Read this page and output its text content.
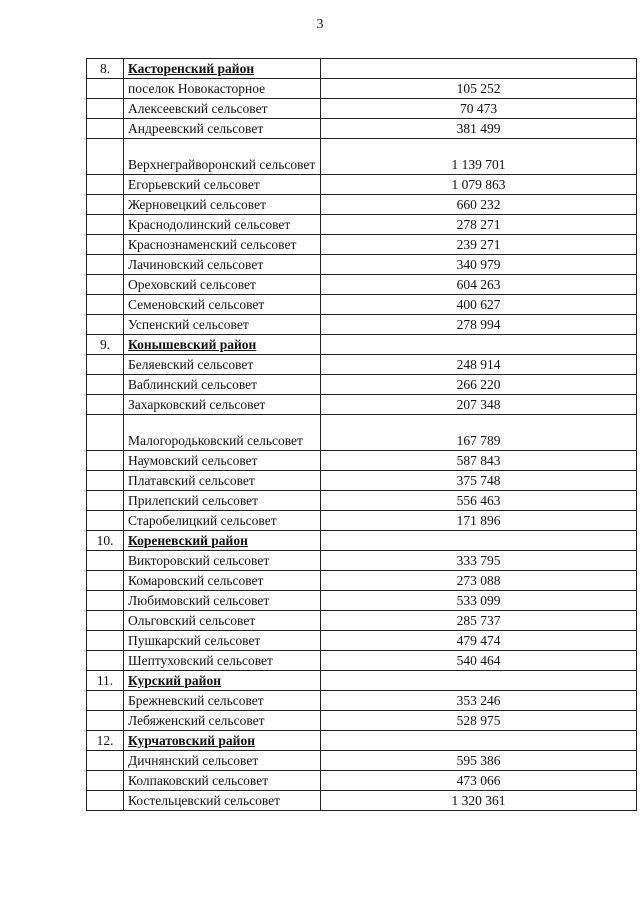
3
8.	Касторенский район	
	поселок Новокасторное	105 252
	Алексеевский сельсовет	70 473
	Андреевский сельсовет	381 499
	Верхнеграйворонский сельсовет	1 139 701
	Егорьевский сельсовет	1 079 863
	Жерновецкий сельсовет	660 232
	Краснодолинский сельсовет	278 271
	Краснознаменский сельсовет	239 271
	Лачиновский сельсовет	340 979
	Ореховский сельсовет	604 263
	Семеновский сельсовет	400 627
	Успенский сельсовет	278 994
9.	Конышевский район	
	Беляевский сельсовет	248 914
	Ваблинский сельсовет	266 220
	Захарковский сельсовет	207 348
	Малогородьковский сельсовет	167 789
	Наумовский сельсовет	587 843
	Платавский сельсовет	375 748
	Прилепский сельсовет	556 463
	Старобелицкий сельсовет	171 896
10.	Кореневский район	
	Викторовский сельсовет	333 795
	Комаровский сельсовет	273 088
	Любимовский сельсовет	533 099
	Ольговский сельсовет	285 737
	Пушкарский сельсовет	479 474
	Шептуховский сельсовет	540 464
11.	Курский район	
	Брежневский сельсовет	353 246
	Лебяженский сельсовет	528 975
12.	Курчатовский район	
	Дичнянский сельсовет	595 386
	Колпаковский сельсовет	473 066
	Костельцевский сельсовет	1 320 361
